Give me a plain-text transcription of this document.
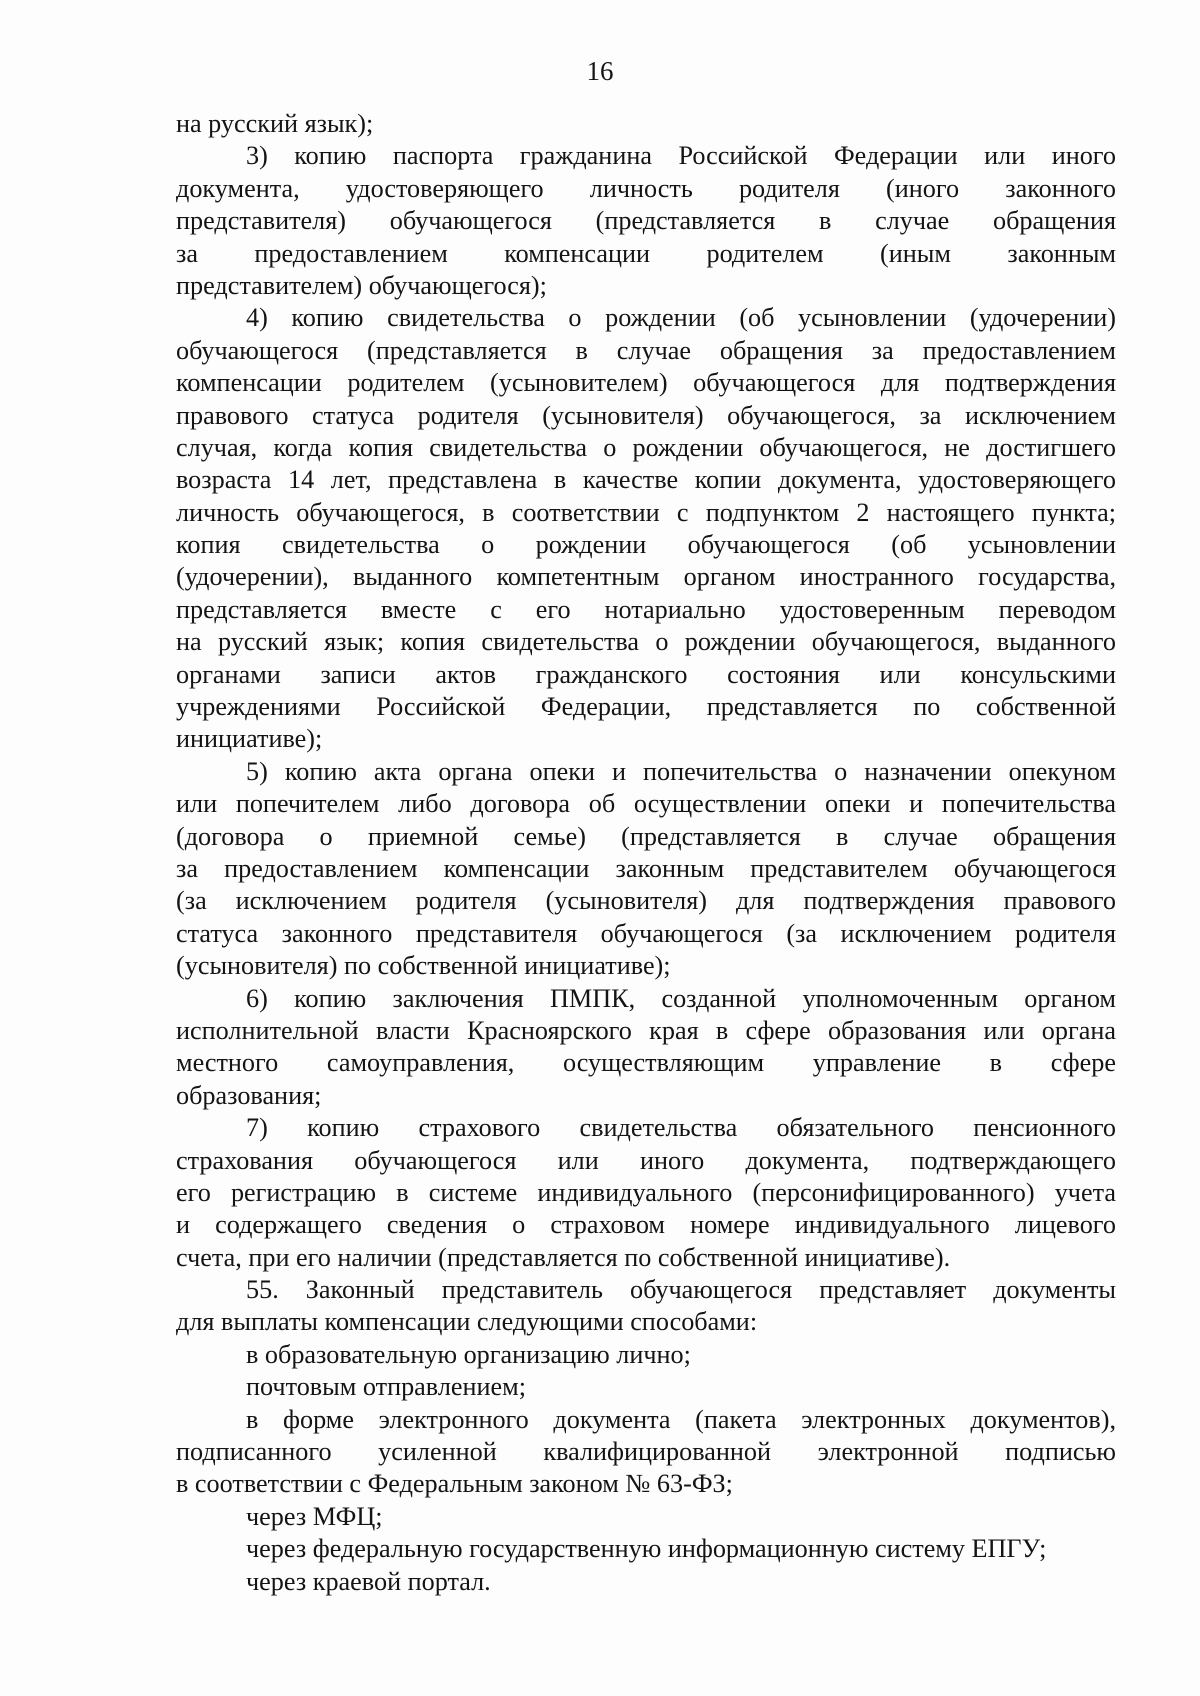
16
на русский язык);
3) копию паспорта гражданина Российской Федерации или иного
документа, удостоверяющего личность родителя (иного законного
представителя) обучающегося (представляется в случае обращения
за предоставлением компенсации родителем (иным законным
представителем) обучающегося);
4) копию свидетельства о рождении (об усыновлении (удочерении)
обучающегося (представляется в случае обращения за предоставлением
компенсации родителем (усыновителем) обучающегося для подтверждения
правового статуса родителя (усыновителя) обучающегося, за исключением
случая, когда копия свидетельства о рождении обучающегося, не достигшего
возраста 14 лет, представлена в качестве копии документа, удостоверяющего
личность обучающегося, в соответствии с подпунктом 2 настоящего пункта;
копия свидетельства о рождении обучающегося (об усыновлении
(удочерении), выданного компетентным органом иностранного государства,
представляется вместе с его нотариально удостоверенным переводом
на русский язык; копия свидетельства о рождении обучающегося, выданного
органами записи актов гражданского состояния или консульскими
учреждениями Российской Федерации, представляется по собственной
инициативе);
5) копию акта органа опеки и попечительства о назначении опекуном
или попечителем либо договора об осуществлении опеки и попечительства
(договора о приемной семье) (представляется в случае обращения
за предоставлением компенсации законным представителем обучающегося
(за исключением родителя (усыновителя) для подтверждения правового
статуса законного представителя обучающегося (за исключением родителя
(усыновителя) по собственной инициативе);
6) копию заключения ПМПК, созданной уполномоченным органом
исполнительной власти Красноярского края в сфере образования или органа
местного самоуправления, осуществляющим управление в сфере
образования;
7) копию страхового свидетельства обязательного пенсионного
страхования обучающегося или иного документа, подтверждающего
его регистрацию в системе индивидуального (персонифицированного) учета
и содержащего сведения о страховом номере индивидуального лицевого
счета, при его наличии (представляется по собственной инициативе).
55. Законный представитель обучающегося представляет документы
для выплаты компенсации следующими способами:
в образовательную организацию лично;
почтовым отправлением;
в форме электронного документа (пакета электронных документов),
подписанного усиленной квалифицированной электронной подписью
в соответствии с Федеральным законом № 63-ФЗ;
через МФЦ;
через федеральную государственную информационную систему ЕПГУ;
через краевой портал.
